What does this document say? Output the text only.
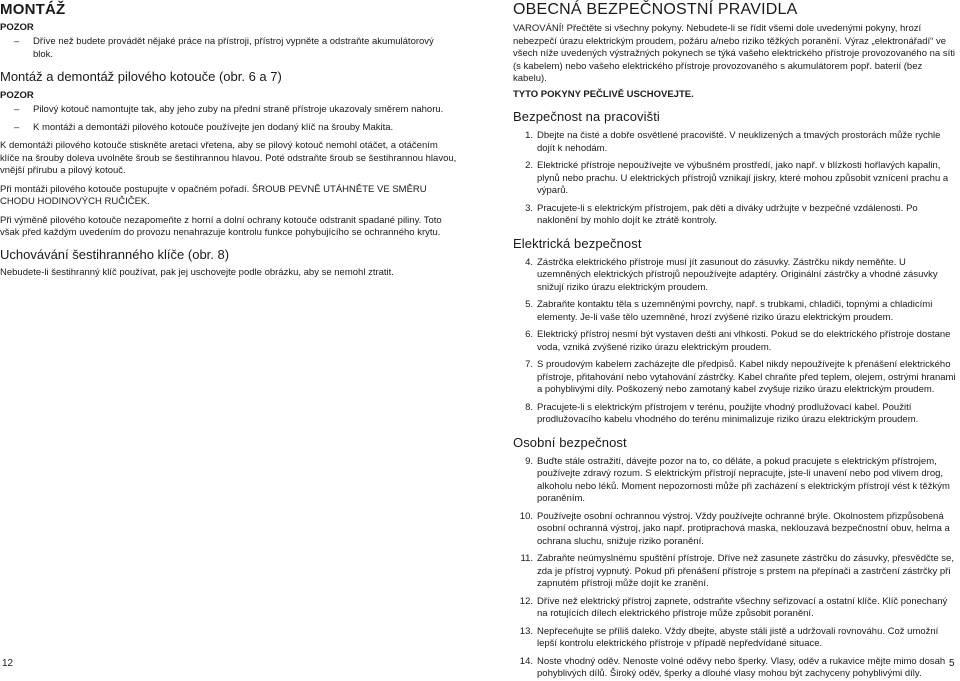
MONTÁŽ
POZOR
– Dříve než budete provádět nějaké práce na přístroji, přístroj vypněte a odstraňte akumulátorový blok.
Montáž a demontáž pilového kotouče (obr. 6 a 7)
POZOR
– Pilový kotouč namontujte tak, aby jeho zuby na přední straně přístroje ukazovaly směrem nahoru.
– K montáži a demontáži pilového kotouče používejte jen dodaný klíč na šrouby Makita.

K demontáži pilového kotouče stiskněte aretaci vřetena, aby se pilový kotouč nemohl otáčet, a otáčením klíče na šrouby doleva uvolněte šroub se šestihrannou hlavou. Poté odstraňte šroub se šestihrannou hlavou, vnější přírubu a pilový kotouč.

Při montáži pilového kotouče postupujte v opačném pořadí. ŠROUB PEVNĚ UTÁHNĚTE VE SMĚRU CHODU HODINOVÝCH RUČIČEK.

Při výměně pilového kotouče nezapomeňte z horní a dolní ochrany kotouče odstranit spadané piliny. Toto však před každým uvedením do provozu nenahrazuje kontrolu funkce pohybujícího se ochranného krytu.

Uchovávání šestihranného klíče (obr. 8)

Nebudete-li šestihranný klíč používat, pak jej uschovejte podle obrázku, aby se nemohl ztratit.

OBECNÁ BEZPEČNOSTNÍ PRAVIDLA

VAROVÁNÍ! Přečtěte si všechny pokyny. Nebudete-li se řídit všemi dole uvedenými pokyny, hrozí nebezpečí úrazu elektrickým proudem, požáru a/nebo riziko těžkých poranění. Výraz „elektronářadí“ ve všech níže uvedených výstražných pokynech se týká vašeho elektrického přístroje provozovaného na síti (s kabelem) nebo vašeho elektrického přístroje provozovaného s akumulátorem popř. baterií (bez kabelu).

TYTO POKYNY PEČLIVĚ USCHOVEJTE.
Bezpečnost na pracovišti
1. Dbejte na čisté a dobře osvětlené pracoviště. V neuklizených a tmavých prostorách může rychle dojít k nehodám.
2. Elektrické přístroje nepoužívejte ve výbušném prostředí, jako např. v blízkosti hořlavých kapalin, plynů nebo prachu. U elektrických přístrojů vznikají jiskry, které mohou způsobit vznícení prachu a výparů.
3. Pracujete-li s elektrickým přístrojem, pak děti a diváky udržujte v bezpečné vzdálenosti. Po naklonění by mohlo dojít ke ztrátě kontroly.
Elektrická bezpečnost
4. Zástrčka elektrického přístroje musí jít zasunout do zásuvky. Zástrčku nikdy neměňte. U uzemněných elektrických přístrojů nepoužívejte adaptéry. Originální zástrčky a vhodné zásuvky snižují riziko úrazu elektrickým proudem.
5. Zabraňte kontaktu těla s uzemněnými povrchy, např. s trubkami, chladiči, topnými a chladicími elementy. Je-li vaše tělo uzemněné, hrozí zvýšené riziko úrazu elektrickým proudem.
6. Elektrický přístroj nesmí být vystaven dešti ani vlhkosti. Pokud se do elektrického přístroje dostane voda, vzniká zvýšené riziko úrazu elektrickým proudem.
7. S proudovým kabelem zacházejte dle předpisů. Kabel nikdy nepoužívejte k přenášení elektrického přístroje, přitahování nebo vytahování zástrčky. Kabel chraňte před teplem, olejem, ostrými hranami a pohyblivými díly. Poškozený nebo zamotaný kabel zvyšuje riziko úrazu elektrickým proudem.
8. Pracujete-li s elektrickým přístrojem v terénu, použijte vhodný prodlužovací kabel. Použití prodlužovacího kabelu vhodného do terénu minimalizuje riziko úrazu elektrickým proudem.
Osobní bezpečnost
9. Buďte stále ostražití, dávejte pozor na to, co děláte, a pokud pracujete s elektrickým přístrojem, používejte zdravý rozum. S elektrickým přístrojí nepracujte, jste-li unavení nebo pod vlivem drog, alkoholu nebo léků. Moment nepozornosti může při zacházení s elektrickým přístrojí vést k těžkým poraněním.
10. Používejte osobní ochrannou výstroj. Vždy používejte ochranné brýle. Okolnostem přizpůsobená osobní ochranná výstroj, jako např. protiprachová maska, neklouzavá bezpečnostní obuv, helma a ochrana sluchu, snižuje riziko poranění.
11. Zabraňte neúmyslnému spuštění přístroje. Dříve než zasunete zástrčku do zásuvky, přesvědčte se, zda je přístroj vypnutý. Pokud při přenášení přístroje s prstem na přepínači a zastrčení zástrčky při zapnutém přístroji může dojít ke zranění.
12. Dříve než elektrický přístroj zapnete, odstraňte všechny seřizovací a ostatní klíče. Klíč ponechaný na rotujících dílech elektrického přístroje může způsobit poranění.
13. Nepřeceňujte se příliš daleko. Vždy dbejte, abyste stáli jistě a udržovali rovnováhu. Což umožní lepší kontrolu elektrického přístroje v případě nepředvídané situace.
14. Noste vhodný oděv. Nenoste volné oděvy nebo šperky. Vlasy, oděv a rukavice mějte mimo dosah pohyblivých dílů. Široký oděv, šperky a dlouhé vlasy mohou být zachyceny pohyblivými díly.
12	5
